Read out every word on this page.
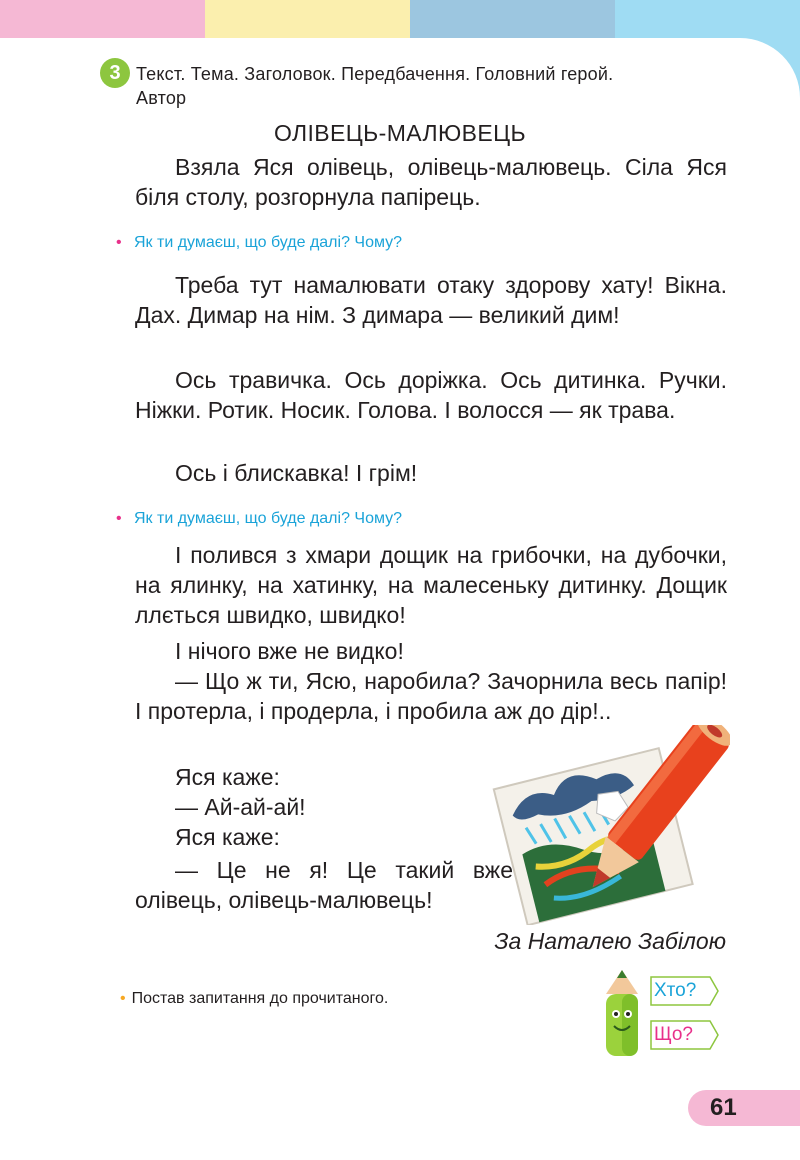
3 Текст. Тема. Заголовок. Передбачення. Головний герой.
Автор
ОЛІВЕЦЬ-МАЛЮВЕЦЬ

Взяла Яся олівець, олівець-малювець. Сіла Яся біля столу, розгорнула папірець.

• Як ти думаєш, що буде далі? Чому?

Треба тут намалювати отаку здорову хату! Вікна. Дах. Димар на нім. З димара — великий дим!

Ось травичка. Ось доріжка. Ось дитинка. Ручки. Ніжки. Ротик. Носик. Голова. І волосся — як трава.

Ось і блискавка! І грім!

• Як ти думаєш, що буде далі? Чому?

І полився з хмари дощик на грибочки, на дубочки, на ялинку, на хатинку, на малесеньку дитинку. Дощик ллється швидко, швидко!

І нічого вже не видко!

— Що ж ти, Ясю, наробила? Зачорнила весь папір! І протерла, і продерла, і пробила аж до дір!..

Яся каже:

— Ай-ай-ай!

Яся каже:

— Це не я! Це такий вже олівець, олівець-малювець!

За Наталею Забілою
• Постав запитання до прочитаного.	Хто?
Що?
61
